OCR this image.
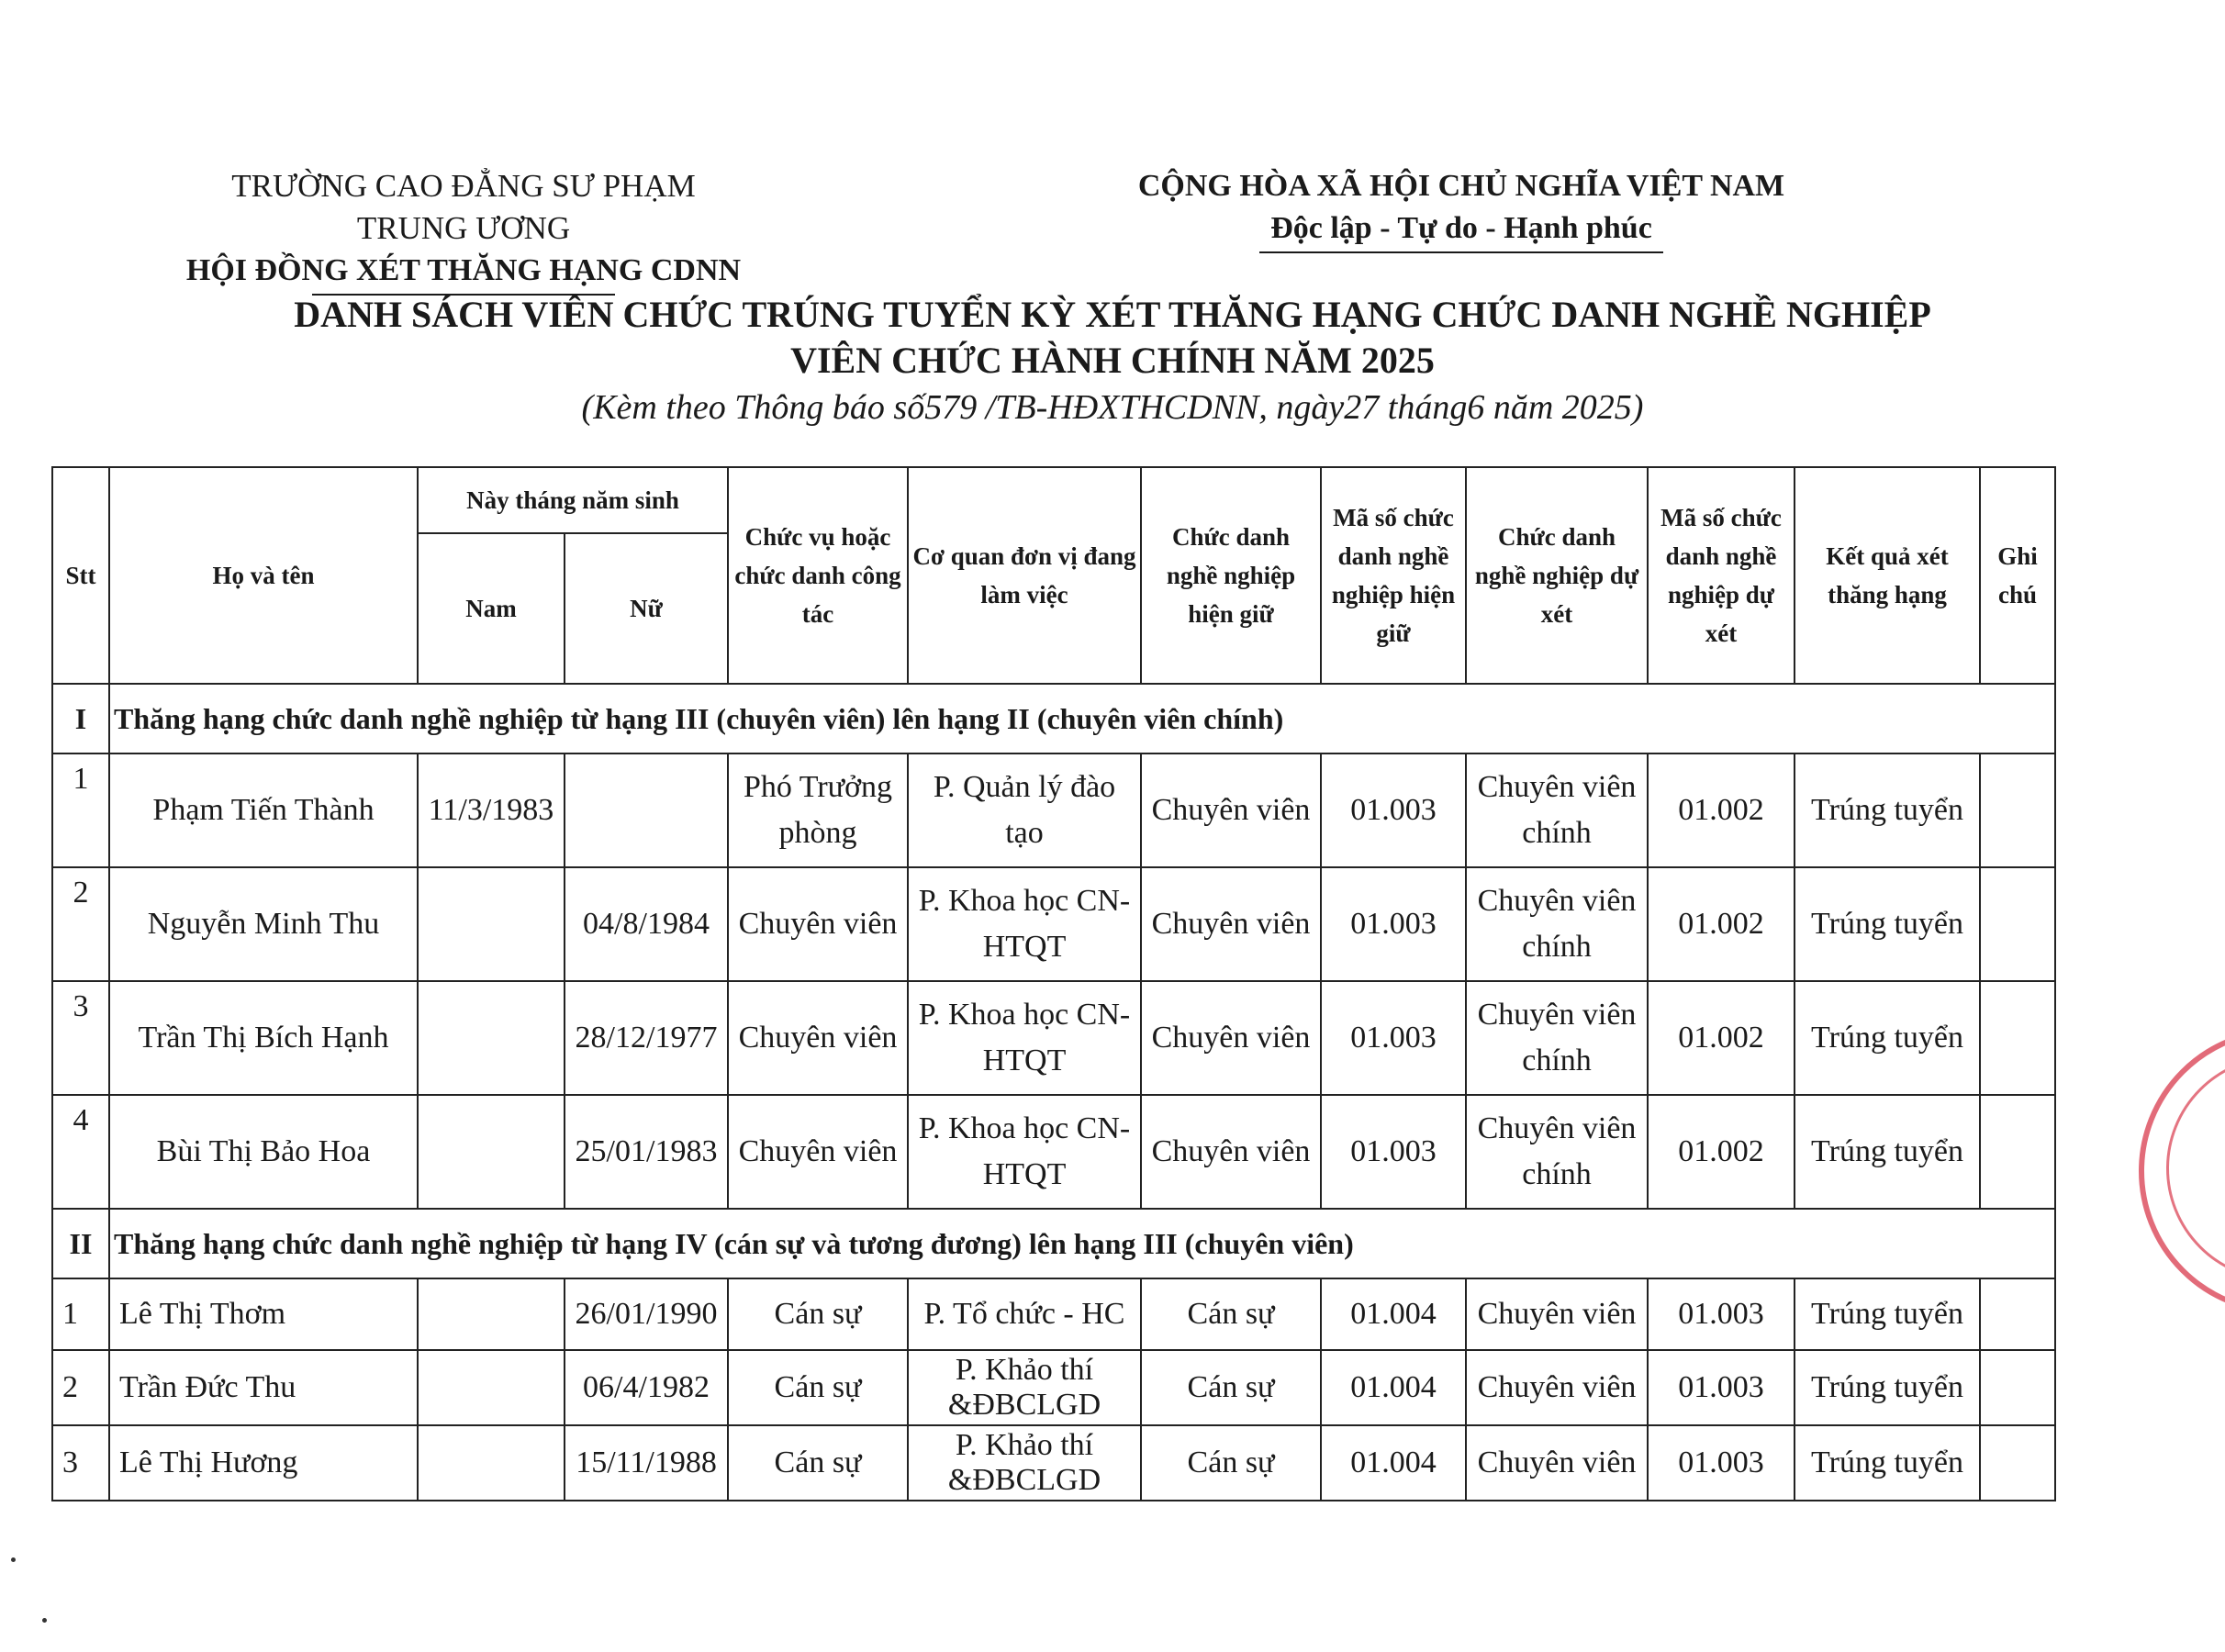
TRƯỜNG CAO ĐẲNG SƯ PHẠM TRUNG ƯƠNG
HỘI ĐỒNG XÉT THĂNG HẠNG CDNN
CỘNG HÒA XÃ HỘI CHỦ NGHĨA VIỆT NAM
Độc lập - Tự do - Hạnh phúc
DANH SÁCH VIÊN CHỨC TRÚNG TUYỂN KỲ XÉT THĂNG HẠNG CHỨC DANH NGHỀ NGHIỆP
VIÊN CHỨC HÀNH CHÍNH NĂM 2025
(Kèm theo Thông báo số579 /TB-HĐXTHCDNN, ngày27 tháng6 năm 2025)
Stt	Họ và tên	Này tháng năm sinh		Chức vụ hoặc chức danh công tác	Cơ quan đơn vị đang làm việc	Chức danh nghề nghiệp hiện giữ	Mã số chức danh nghề nghiệp hiện giữ	Chức danh nghề nghiệp dự xét	Mã số chức danh nghề nghiệp dự xét	Kết quả xét thăng hạng	Ghi chú
		Nam	Nữ								
I	Thăng hạng chức danh nghề nghiệp từ hạng III (chuyên viên) lên hạng II (chuyên viên chính)										
1	Phạm Tiến Thành	11/3/1983		Phó Trưởng phòng	P. Quản lý đào tạo	Chuyên viên	01.003	Chuyên viên chính	01.002	Trúng tuyển	
2	Nguyễn Minh Thu		04/8/1984	Chuyên viên	P. Khoa học CN-HTQT	Chuyên viên	01.003	Chuyên viên chính	01.002	Trúng tuyển	
3	Trần Thị Bích Hạnh		28/12/1977	Chuyên viên	P. Khoa học CN-HTQT	Chuyên viên	01.003	Chuyên viên chính	01.002	Trúng tuyển	
4	Bùi Thị Bảo Hoa		25/01/1983	Chuyên viên	P. Khoa học CN-HTQT	Chuyên viên	01.003	Chuyên viên chính	01.002	Trúng tuyển	
II	Thăng hạng chức danh nghề nghiệp từ hạng IV (cán sự và tương đương) lên hạng III (chuyên viên)										
1	Lê Thị Thơm		26/01/1990	Cán sự	P. Tổ chức - HC	Cán sự	01.004	Chuyên viên	01.003	Trúng tuyển	
2	Trần Đức Thu		06/4/1982	Cán sự	P. Khảo thí &ĐBCLGD	Cán sự	01.004	Chuyên viên	01.003	Trúng tuyển	
3	Lê Thị Hương		15/11/1988	Cán sự	P. Khảo thí &ĐBCLGD	Cán sự	01.004	Chuyên viên	01.003	Trúng tuyển	
